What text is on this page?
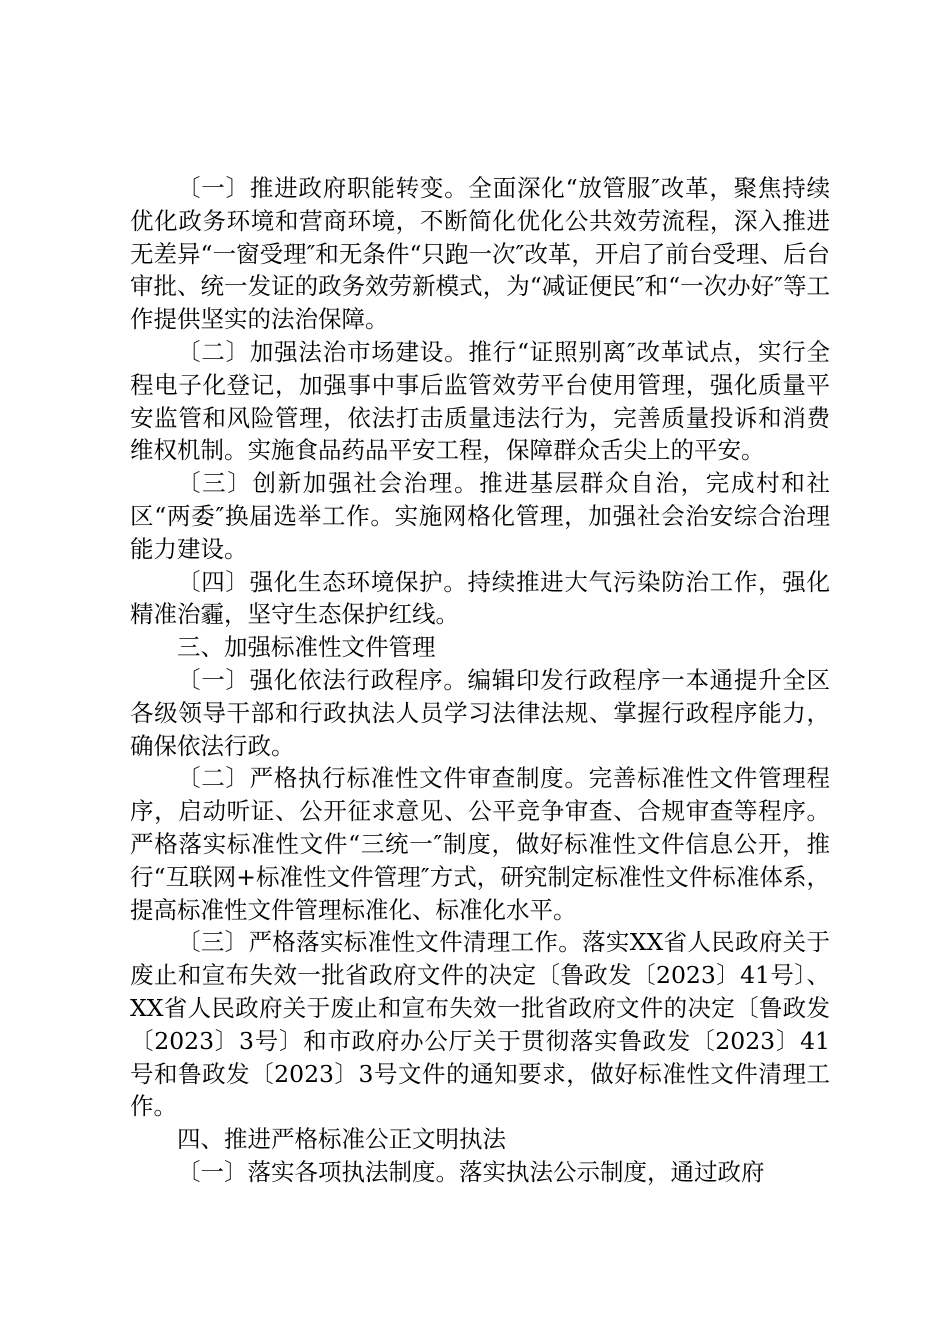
〔一〕推进政府职能转变。全面深化“放管服″改革，聚焦持续优化政务环境和营商环境，不断简化优化公共效劳流程，深入推进无差异“一窗受理″和无条件“只跑一次″改革，开启了前台受理、后台审批、统一发证的政务效劳新模式，为“减证便民″和“一次办好″等工作提供坚实的法治保障。

〔二〕加强法治市场建设。推行“证照别离″改革试点，实行全程电子化登记，加强事中事后监管效劳平台使用管理，强化质量平安监管和风险管理，依法打击质量违法行为，完善质量投诉和消费维权机制。实施食品药品平安工程，保障群众舌尖上的平安。

〔三〕创新加强社会治理。推进基层群众自治，完成村和社区“两委″换届选举工作。实施网格化管理，加强社会治安综合治理能力建设。

〔四〕强化生态环境保护。持续推进大气污染防治工作，强化精准治霾，坚守生态保护红线。

三、加强标准性文件管理

〔一〕强化依法行政程序。编辑印发行政程序一本通提升全区各级领导干部和行政执法人员学习法律法规、掌握行政程序能力，确保依法行政。

〔二〕严格执行标准性文件审查制度。完善标准性文件管理程序，启动听证、公开征求意见、公平竞争审查、合规审查等程序。严格落实标准性文件“三统一″制度，做好标准性文件信息公开，推行“互联网+标准性文件管理″方式，研究制定标准性文件标准体系，提高标准性文件管理标准化、标准化水平。

〔三〕严格落实标准性文件清理工作。落实XX省人民政府关于废止和宣布失效一批省政府文件的决定〔鲁政发〔2023〕41号〕、XX省人民政府关于废止和宣布失效一批省政府文件的决定〔鲁政发〔2023〕3号〕和市政府办公厅关于贯彻落实鲁政发〔2023〕41号和鲁政发〔2023〕3号文件的通知要求，做好标准性文件清理工作。

四、推进严格标准公正文明执法

〔一〕落实各项执法制度。落实执法公示制度，通过政府
